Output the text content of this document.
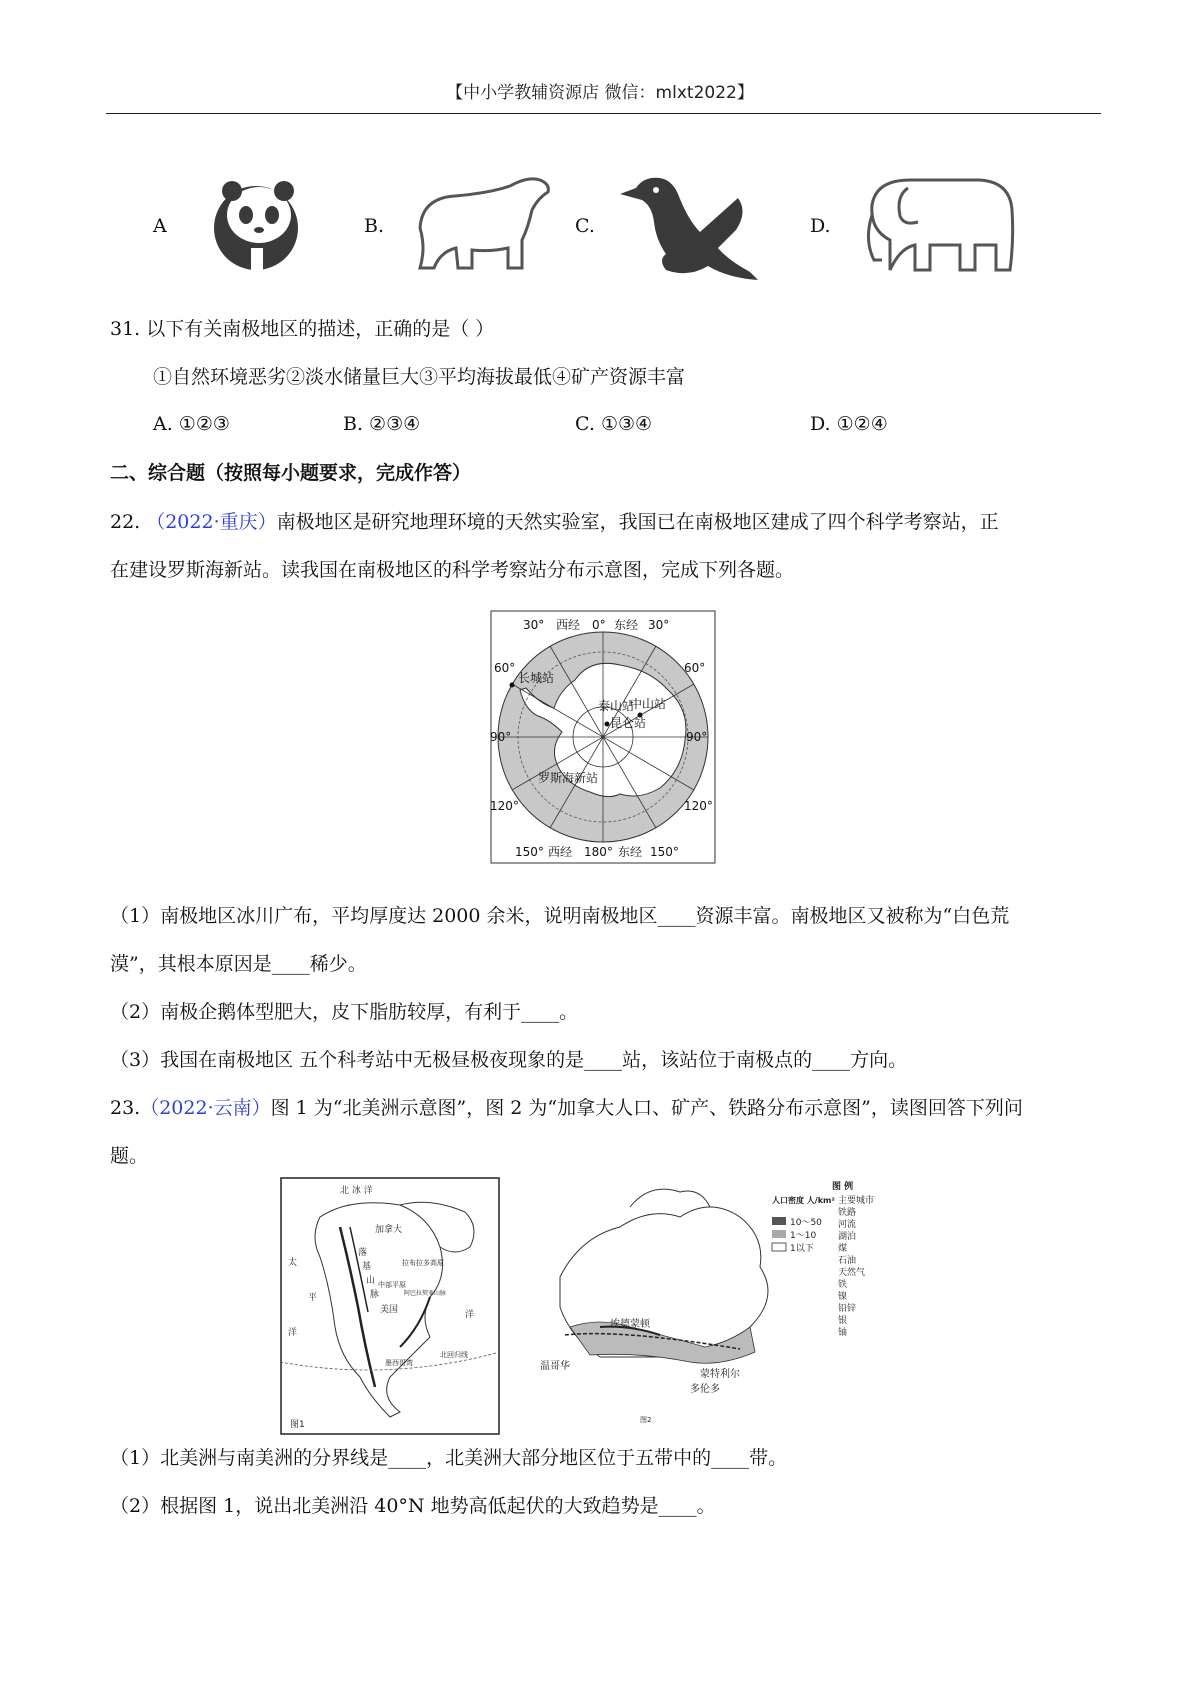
【中小学教辅资源店 微信：mlxt2022】
A	B.	C.	D.
31. 以下有关南极地区的描述，正确的是（ ）
①自然环境恶劣②淡水储量巨大③平均海拔最低④矿产资源丰富
A. ①②③	B. ②③④	C. ①③④	D. ①②④
二、综合题（按照每小题要求，完成作答）
22. （2022·重庆）南极地区是研究地理环境的天然实验室，我国已在南极地区建成了四个科学考察站，正
在建设罗斯海新站。读我国在南极地区的科学考察站分布示意图，完成下列各题。
30° 西经 0° 东经 30°
150° 西经 180° 东经 150°
60°
90°
120°
60°
90°
120°
长城站
泰山站
中山站
昆仑站
罗斯海新站
（1）南极地区冰川广布，平均厚度达 2000 余米，说明南极地区____资源丰富。南极地区又被称为“白色荒
漠”，其根本原因是____稀少。
（2）南极企鹅体型肥大，皮下脂肪较厚，有利于____。
（3）我国在南极地区 五个科考站中无极昼极夜现象的是____站，该站位于南极点的____方向。
23.（2022·云南）图 1 为“北美洲示意图”，图 2 为“加拿大人口、矿产、铁路分布示意图”，读图回答下列问
题。
北 冰 洋
加拿大
太
平
洋
落
基
山
脉
拉布拉多高原
中部平原
美国
阿巴拉契亚山脉
墨西哥湾
北回归线
洋
图1
埃德蒙顿
温哥华
蒙特利尔
多伦多
图2
图 例
人口密度 人/km²
10～50
1～10
1以下
主要城市
铁路
河流
湖泊
煤
石油
天然气
铁
镍
铅锌
银
铀
（1）北美洲与南美洲的分界线是____，北美洲大部分地区位于五带中的____带。
（2）根据图 1，说出北美洲沿 40°N 地势高低起伏的大致趋势是____。
